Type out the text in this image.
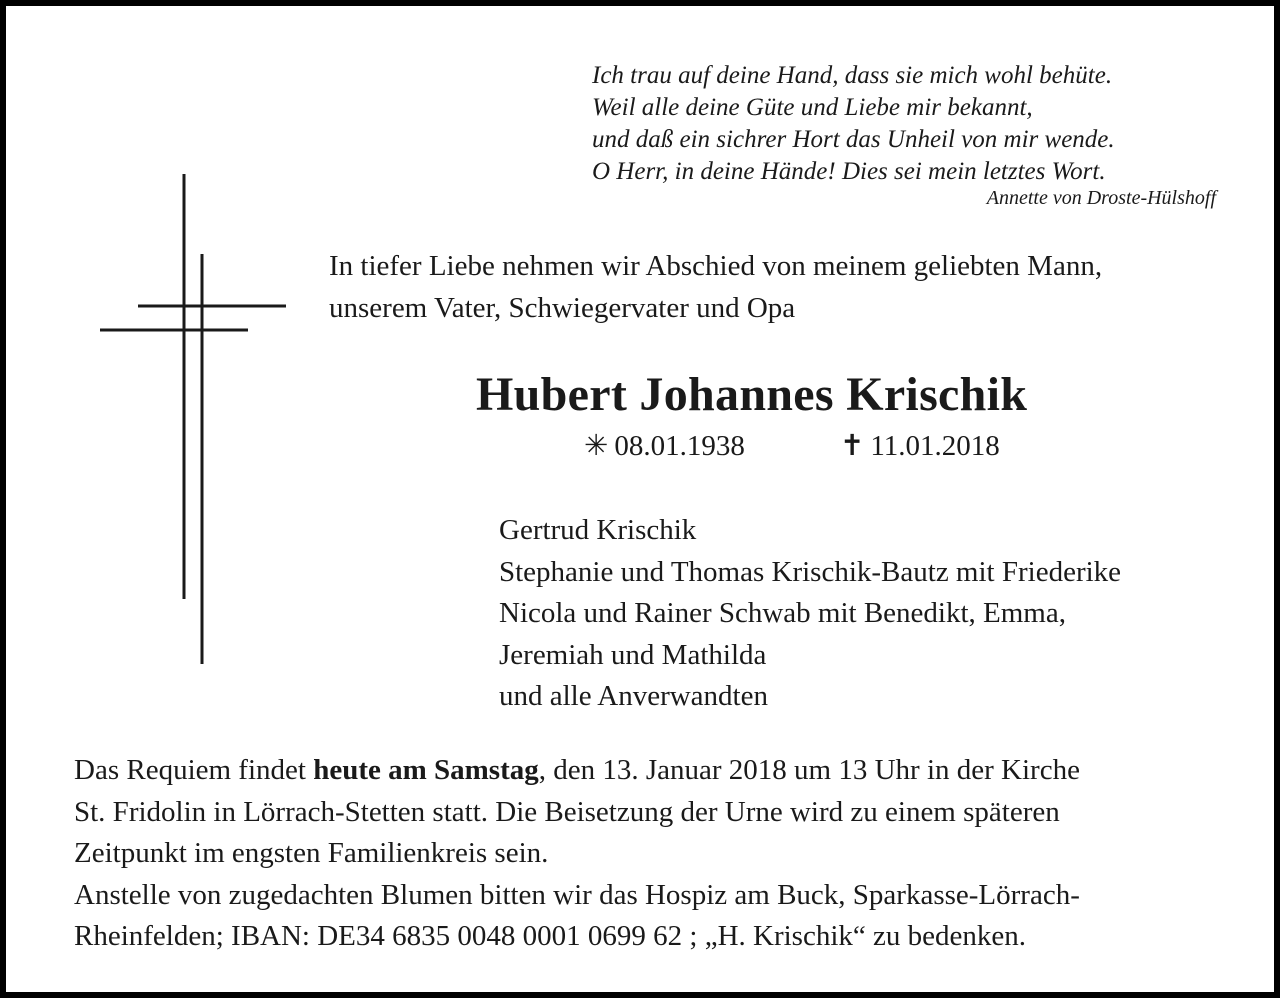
Ich trau auf deine Hand, dass sie mich wohl behüte.
Weil alle deine Güte und Liebe mir bekannt,
und daß ein sichrer Hort das Unheil von mir wende.
O Herr, in deine Hände! Dies sei mein letztes Wort.
Annette von Droste-Hülshoff
In tiefer Liebe nehmen wir Abschied von meinem geliebten Mann,
unserem Vater, Schwiegervater und Opa
Hubert Johannes Krischik
✳ 08.01.1938	✝ 11.01.2018
Gertrud Krischik
Stephanie und Thomas Krischik-Bautz mit Friederike
Nicola und Rainer Schwab mit Benedikt, Emma,
Jeremiah und Mathilda
und alle Anverwandten
Das Requiem findet heute am Samstag, den 13. Januar 2018 um 13 Uhr in der Kirche
St. Fridolin in Lörrach-Stetten statt. Die Beisetzung der Urne wird zu einem späteren
Zeitpunkt im engsten Familienkreis sein.
Anstelle von zugedachten Blumen bitten wir das Hospiz am Buck, Sparkasse-Lörrach-
Rheinfelden; IBAN: DE34 6835 0048 0001 0699 62 ; „H. Krischik“ zu bedenken.
